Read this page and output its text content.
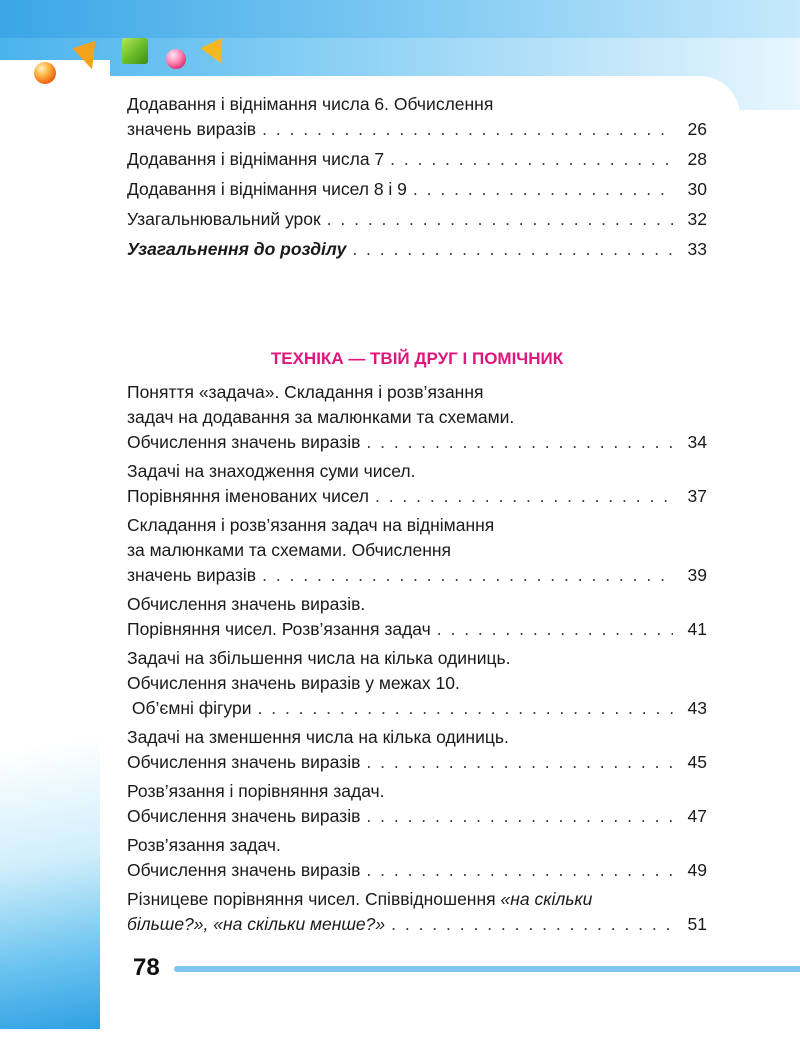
Додавання і віднімання числа 6. Обчислення
значень виразів . . .	26
Додавання і віднімання числа 7 . . .	28
Додавання і віднімання чисел 8 і 9 . . .	30
Узагальнювальний урок . . .	32
Узагальнення до розділу . . .	33
ТЕХНІКА — ТВІЙ ДРУГ І ПОМІЧНИК
Поняття «задача». Складання і розв’язання
задач на додавання за малюнками та схемами.
Обчислення значень виразів . . .	34
Задачі на знаходження суми чисел.
Порівняння іменованих чисел . . .	37
Складання і розв’язання задач на віднімання
за малюнками та схемами. Обчислення
значень виразів . . .	39
Обчислення значень виразів.
Порівняння чисел. Розв’язання задач . . .	41
Задачі на збільшення числа на кілька одиниць.
Обчислення значень виразів у межах 10.
Об’ємні фігури . . .	43
Задачі на зменшення числа на кілька одиниць.
Обчислення значень виразів . . .	45
Розв’язання і порівняння задач.
Обчислення значень виразів . . .	47
Розв’язання задач.
Обчислення значень виразів . . .	49
Різницеве порівняння чисел. Співвідношення «на скільки
більше?», «на скільки менше?» . . .	51
78
